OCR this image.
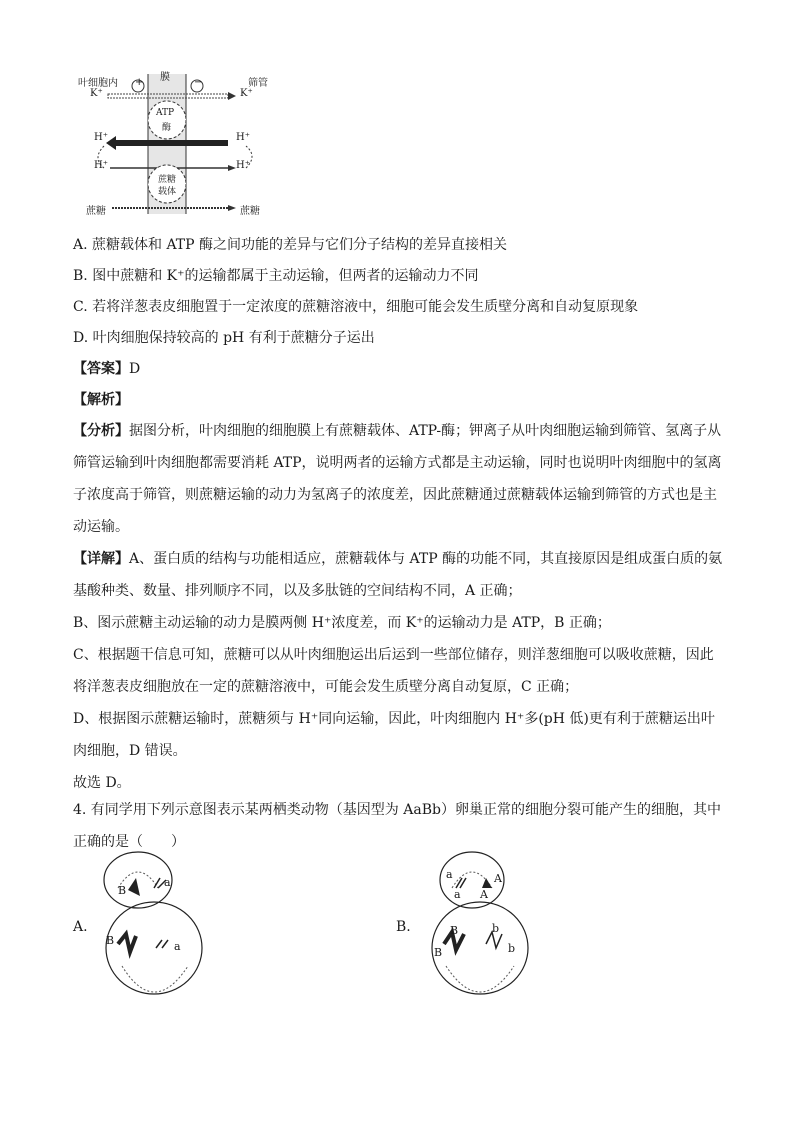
叶细胞内
膜
筛管
+	−
K⁺	K⁺
ATP
酶
H⁺	H⁺
H⁺	H⁺
蔗糖
载体
蔗糖	蔗糖
A. 蔗糖载体和 ATP 酶之间功能的差异与它们分子结构的差异直接相关
B. 图中蔗糖和 K⁺的运输都属于主动运输，但两者的运输动力不同
C. 若将洋葱表皮细胞置于一定浓度的蔗糖溶液中，细胞可能会发生质壁分离和自动复原现象
D. 叶肉细胞保持较高的 pH 有利于蔗糖分子运出
【答案】D
【解析】
【分析】据图分析，叶肉细胞的细胞膜上有蔗糖载体、ATP-酶；钾离子从叶肉细胞运输到筛管、氢离子从筛管运输到叶肉细胞都需要消耗 ATP，说明两者的运输方式都是主动运输，同时也说明叶肉细胞中的氢离子浓度高于筛管，则蔗糖运输的动力为氢离子的浓度差，因此蔗糖通过蔗糖载体运输到筛管的方式也是主动运输。
【详解】A、蛋白质的结构与功能相适应，蔗糖载体与 ATP 酶的功能不同，其直接原因是组成蛋白质的氨基酸种类、数量、排列顺序不同，以及多肽链的空间结构不同，A 正确；
B、图示蔗糖主动运输的动力是膜两侧 H⁺浓度差，而 K⁺的运输动力是 ATP，B 正确；
C、根据题干信息可知，蔗糖可以从叶肉细胞运出后运到一些部位储存，则洋葱细胞可以吸收蔗糖，因此将洋葱表皮细胞放在一定的蔗糖溶液中，可能会发生质壁分离自动复原，C 正确；
D、根据图示蔗糖运输时，蔗糖须与 H⁺同向运输，因此，叶肉细胞内 H⁺多(pH 低)更有利于蔗糖运出叶肉细胞，D 错误。
故选 D。
4. 有同学用下列示意图表示某两栖类动物（基因型为 AaBb）卵巢正常的细胞分裂可能产生的细胞，其中正确的是（　　）
A.
B
a
B	a
B.
a
a
A
A
B
B
b
b
